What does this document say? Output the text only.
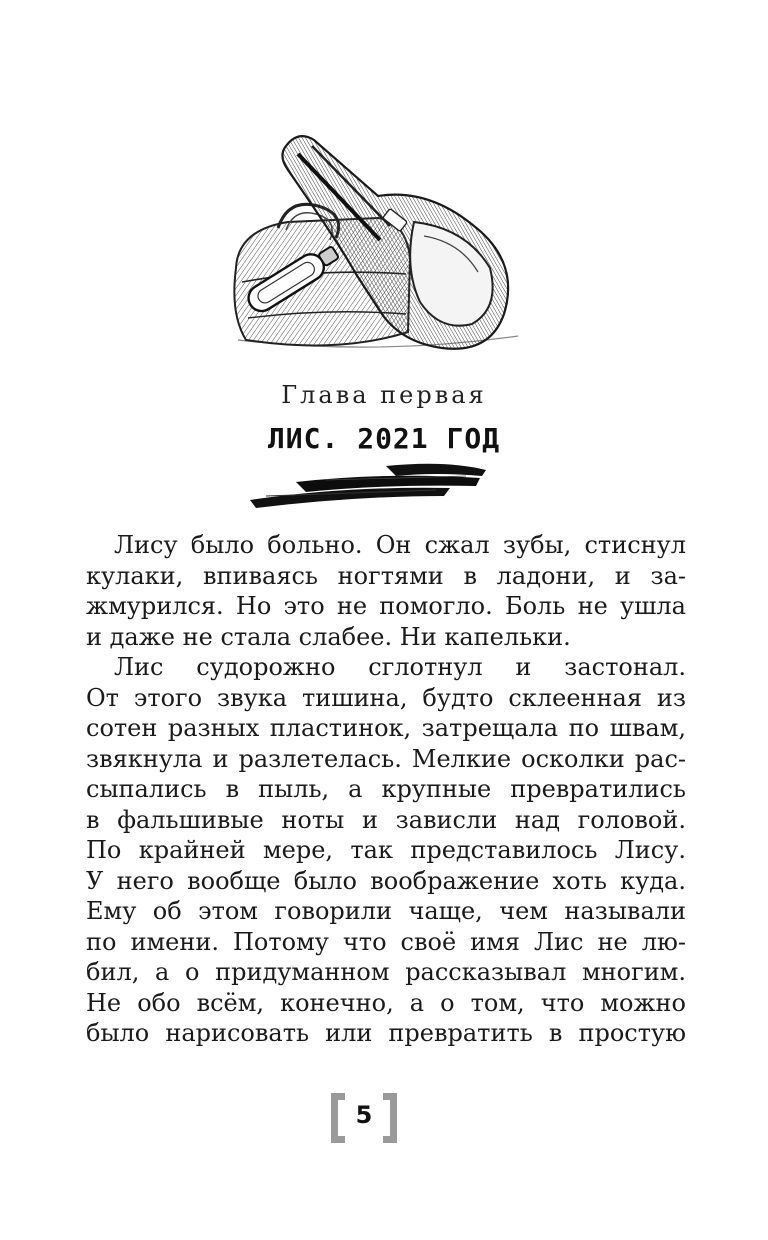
Глава первая
ЛИС. 2021 ГОД
Лису было больно. Он сжал зубы, стиснул
кулаки, впиваясь ногтями в ладони, и за-
жмурился. Но это не помогло. Боль не ушла
и даже не стала слабее. Ни капельки.
Лис судорожно сглотнул и застонал.
От этого звука тишина, будто склеенная из
сотен разных пластинок, затрещала по швам,
звякнула и разлетелась. Мелкие осколки рас-
сыпались в пыль, а крупные превратились
в фальшивые ноты и зависли над головой.
По крайней мере, так представилось Лису.
У него вообще было воображение хоть куда.
Ему об этом говорили чаще, чем называли
по имени. Потому что своё имя Лис не лю-
бил, а о придуманном рассказывал многим.
Не обо всём, конечно, а о том, что можно
было нарисовать или превратить в простую
5
